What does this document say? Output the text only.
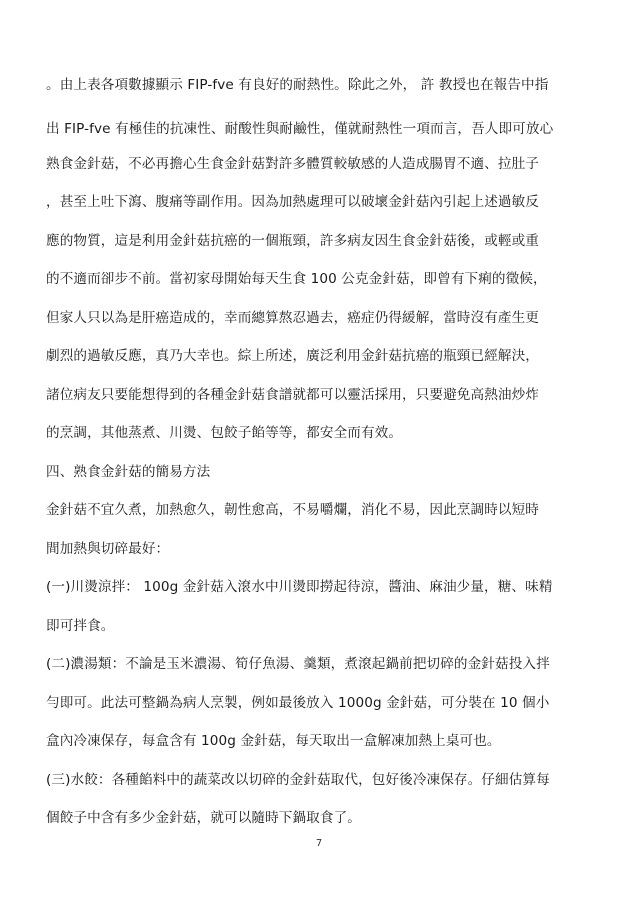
。由上表各項數據顯示 FIP-fve 有良好的耐熱性。除此之外， 許 教授也在報告中指
出 FIP-fve 有極佳的抗凍性、耐酸性與耐鹼性，僅就耐熱性一項而言，吾人即可放心
熟食金針菇，不必再擔心生食金針菇對許多體質較敏感的人造成腸胃不適、拉肚子
，甚至上吐下瀉、腹痛等副作用。因為加熱處理可以破壞金針菇內引起上述過敏反
應的物質，這是利用金針菇抗癌的一個瓶頸，許多病友因生食金針菇後，或輕或重
的不適而卻步不前。當初家母開始每天生食 100 公克金針菇，即曾有下痢的徵候，
但家人只以為是肝癌造成的，幸而總算熬忍過去，癌症仍得緩解，當時沒有產生更
劇烈的過敏反應，真乃大幸也。綜上所述，廣泛利用金針菇抗癌的瓶頸已經解決，
諸位病友只要能想得到的各種金針菇食譜就都可以靈活採用，只要避免高熱油炒炸
的烹調，其他蒸煮、川燙、包餃子餡等等，都安全而有效。
四、熟食金針菇的簡易方法
金針菇不宜久煮，加熱愈久，韌性愈高，不易嚼爛，消化不易，因此烹調時以短時
間加熱與切碎最好：
(一)川燙涼拌： 100g 金針菇入滾水中川燙即撈起待涼，醬油、麻油少量，糖、味精
即可拌食。
(二)濃湯類：不論是玉米濃湯、筍仔魚湯、羹類，煮滾起鍋前把切碎的金針菇投入拌
勻即可。此法可整鍋為病人烹製，例如最後放入 1000g 金針菇，可分裝在 10 個小
盒內冷凍保存，每盒含有 100g 金針菇，每天取出一盒解凍加熱上桌可也。
(三)水餃：各種餡料中的蔬菜改以切碎的金針菇取代，包好後冷凍保存。仔細估算每
個餃子中含有多少金針菇，就可以隨時下鍋取食了。
7
